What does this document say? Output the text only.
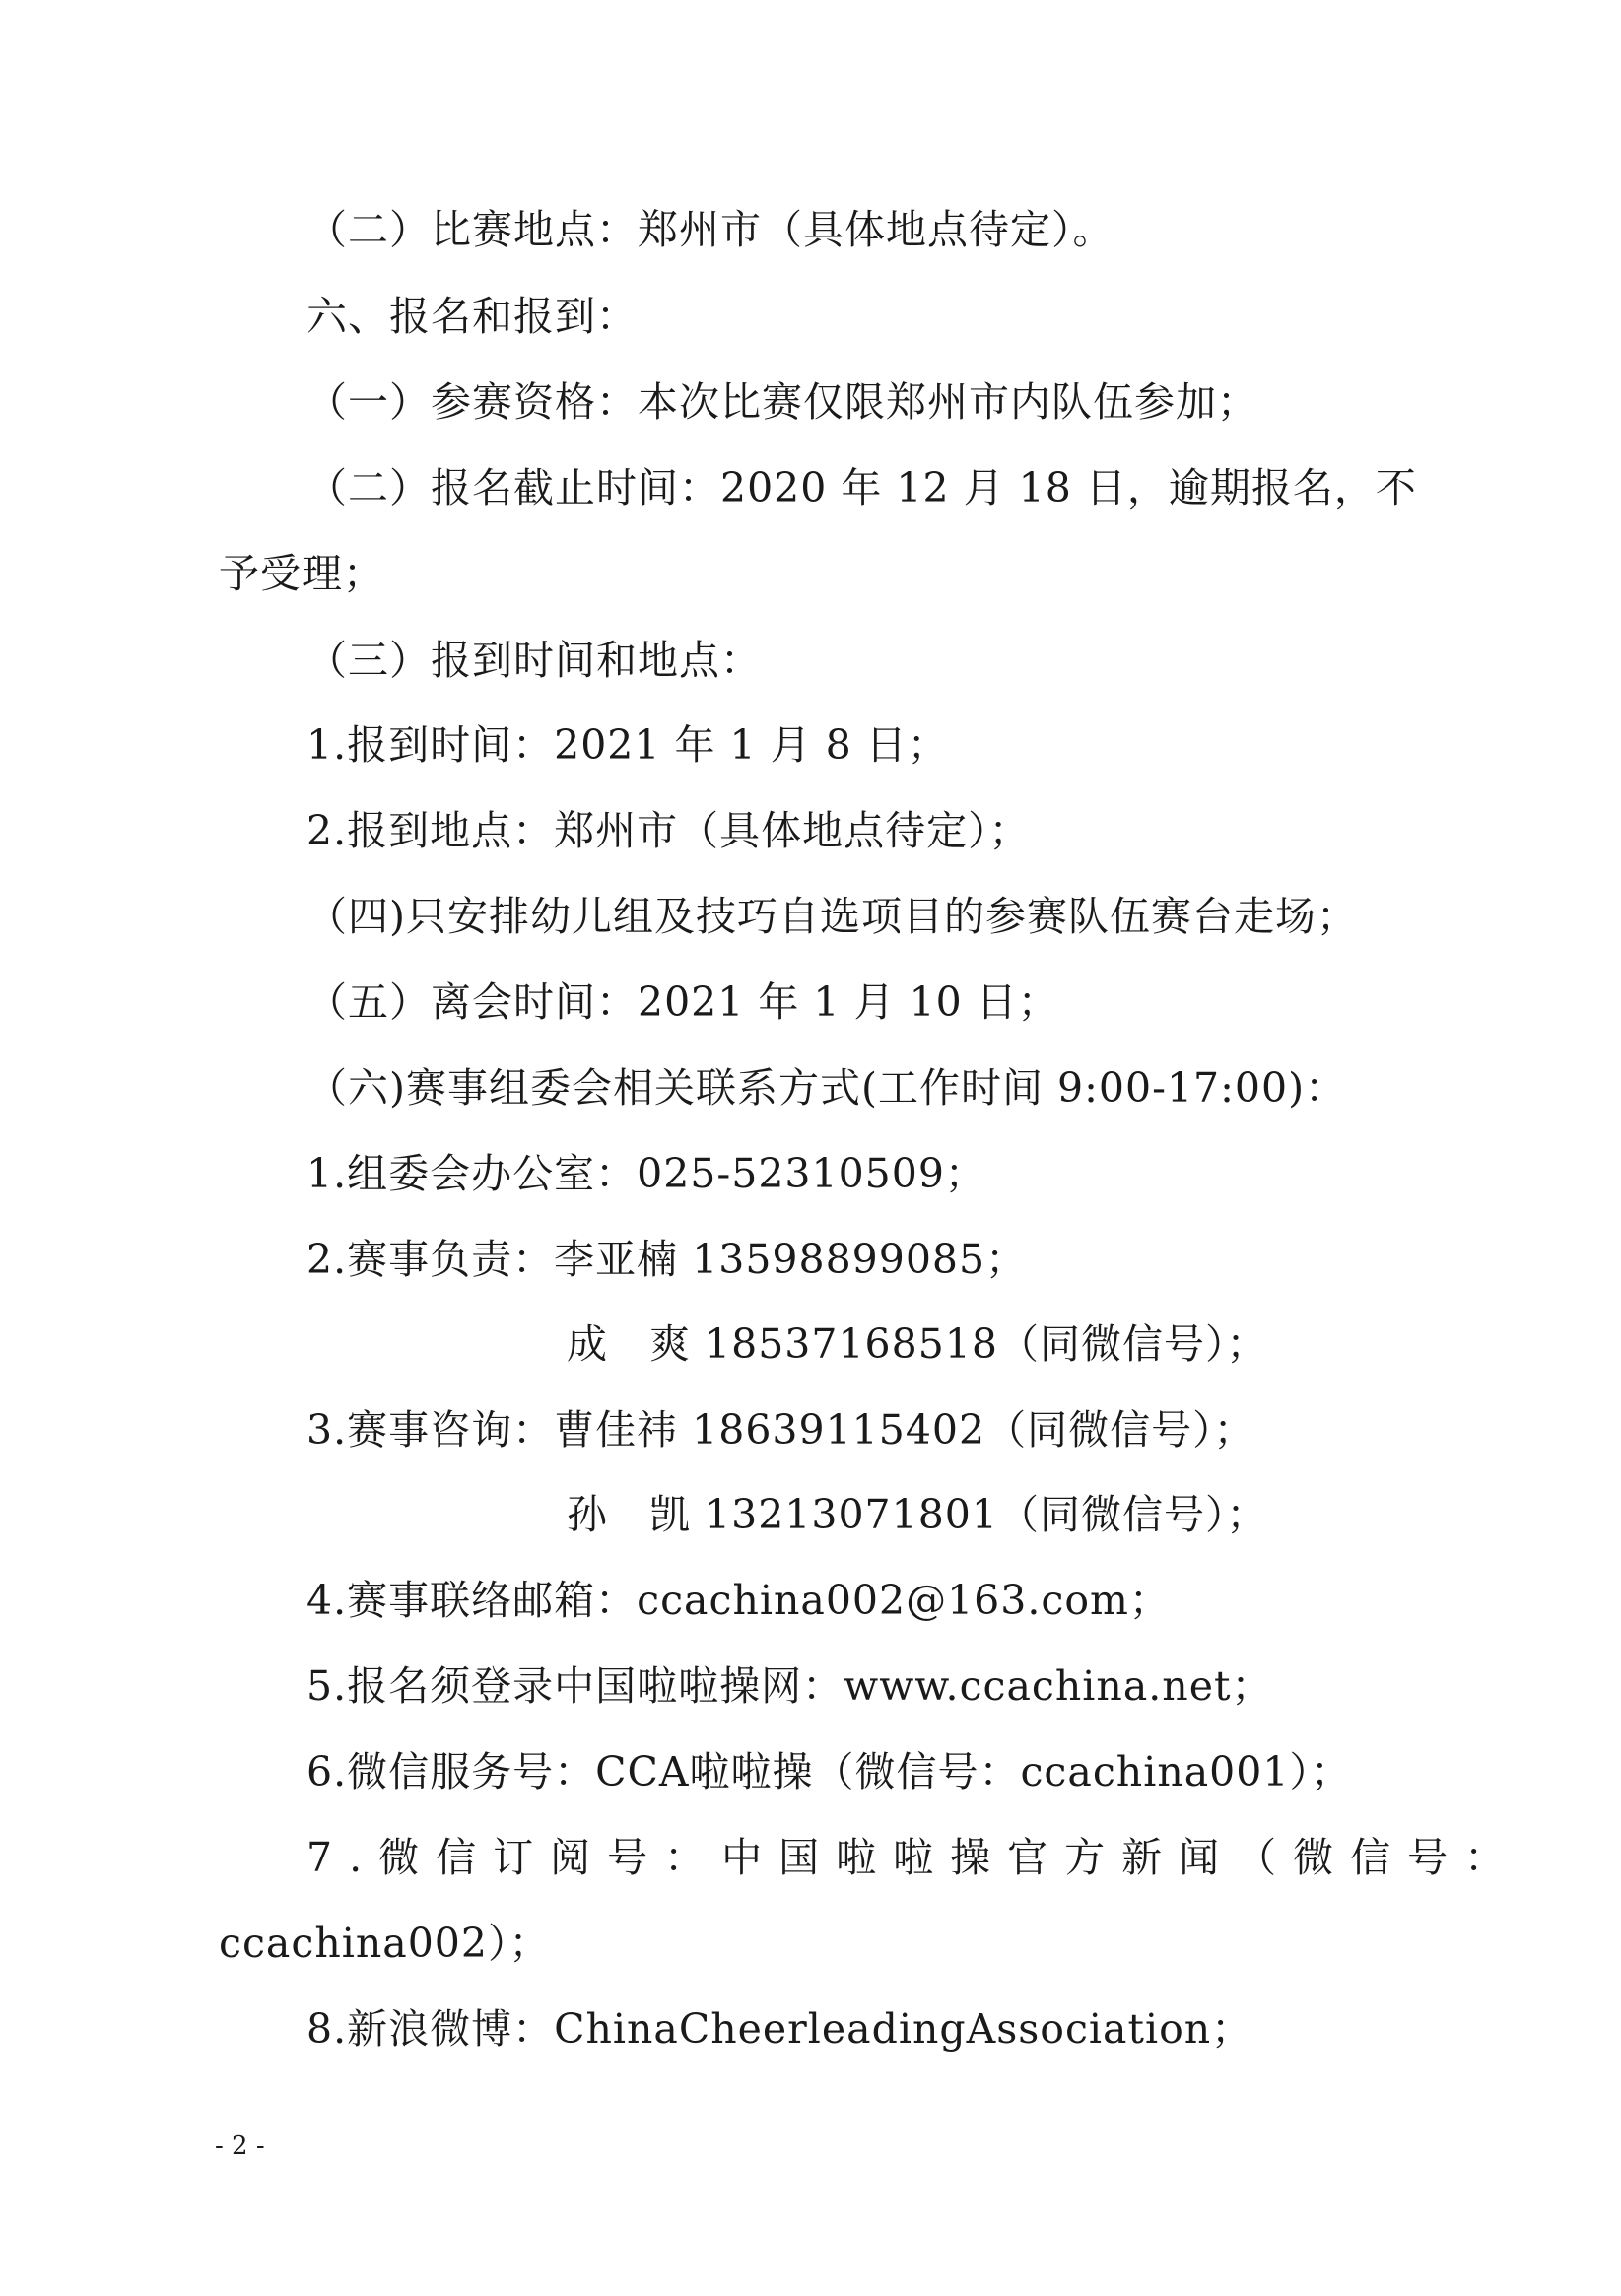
（二）比赛地点：郑州市（具体地点待定）。
六、报名和报到：
（一）参赛资格：本次比赛仅限郑州市内队伍参加；
（二）报名截止时间：2020 年 12 月 18 日，逾期报名，不
予受理；
（三）报到时间和地点：
1.报到时间：2021 年 1 月 8 日；
2.报到地点：郑州市（具体地点待定）；
（四)只安排幼儿组及技巧自选项目的参赛队伍赛台走场；
（五）离会时间：2021 年 1 月 10 日；
（六)赛事组委会相关联系方式(工作时间 9:00-17:00)：
1.组委会办公室：025-52310509；
2.赛事负责：李亚楠 13598899085；
成　爽 18537168518（同微信号）；
3.赛事咨询：曹佳祎 18639115402（同微信号）；
孙　凯 13213071801（同微信号）；
4.赛事联络邮箱：ccachina002@163.com；
5.报名须登录中国啦啦操网：www.ccachina.net；
6.微信服务号：CCA啦啦操（微信号：ccachina001）；
7.微信订阅号：中国啦啦操官方新闻（微信号：
ccachina002）；
8.新浪微博：ChinaCheerleadingAssociation；
- 2 -
